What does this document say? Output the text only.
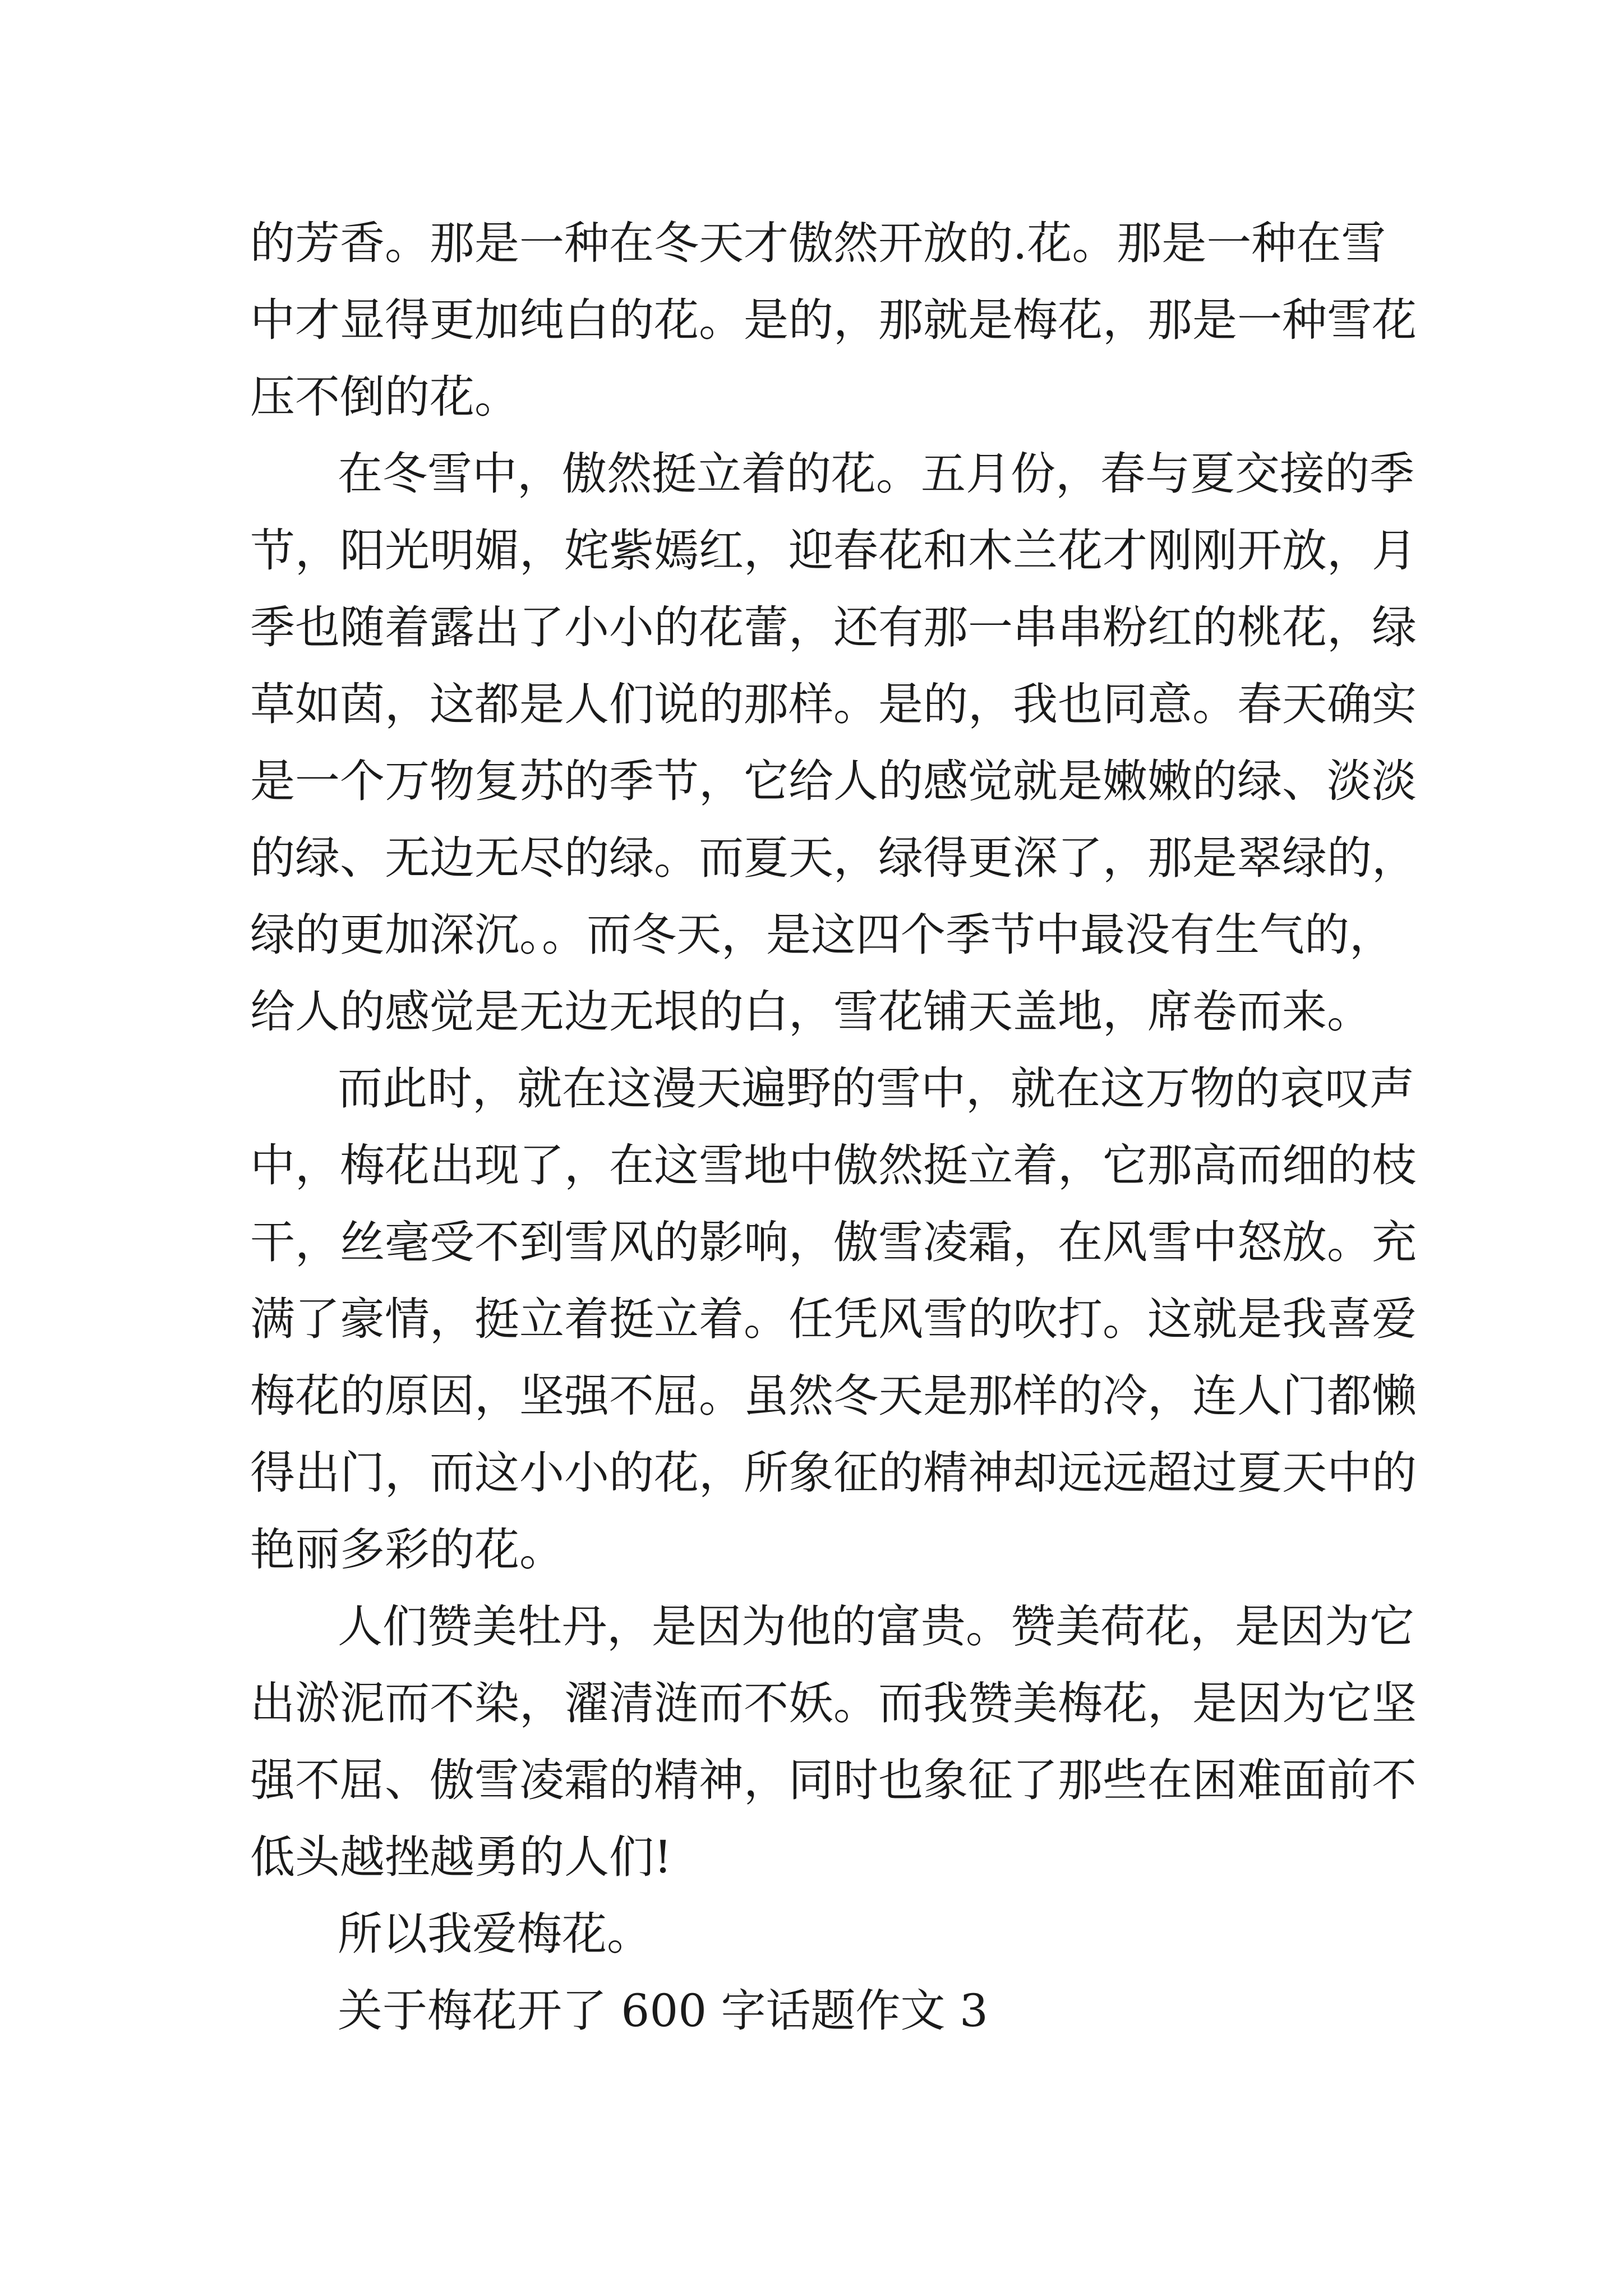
的芳香。那是一种在冬天才傲然开放的.花。那是一种在雪

中才显得更加纯白的花。是的，那就是梅花，那是一种雪花

压不倒的花。

在冬雪中，傲然挺立着的花。五月份，春与夏交接的季

节，阳光明媚，姹紫嫣红，迎春花和木兰花才刚刚开放，月

季也随着露出了小小的花蕾，还有那一串串粉红的桃花，绿

草如茵，这都是人们说的那样。是的，我也同意。春天确实

是一个万物复苏的季节，它给人的感觉就是嫩嫩的绿、淡淡

的绿、无边无尽的绿。而夏天，绿得更深了，那是翠绿的，

绿的更加深沉。。而冬天，是这四个季节中最没有生气的，

给人的感觉是无边无垠的白，雪花铺天盖地，席卷而来。

而此时，就在这漫天遍野的雪中，就在这万物的哀叹声

中，梅花出现了，在这雪地中傲然挺立着，它那高而细的枝

干，丝毫受不到雪风的影响，傲雪凌霜，在风雪中怒放。充

满了豪情，挺立着挺立着。任凭风雪的吹打。这就是我喜爱

梅花的原因，坚强不屈。虽然冬天是那样的冷，连人门都懒

得出门，而这小小的花，所象征的精神却远远超过夏天中的

艳丽多彩的花。

人们赞美牡丹，是因为他的富贵。赞美荷花，是因为它

出淤泥而不染，濯清涟而不妖。而我赞美梅花，是因为它坚

强不屈、傲雪凌霜的精神，同时也象征了那些在困难面前不

低头越挫越勇的人们!

所以我爱梅花。

关于梅花开了 600 字话题作文 3
